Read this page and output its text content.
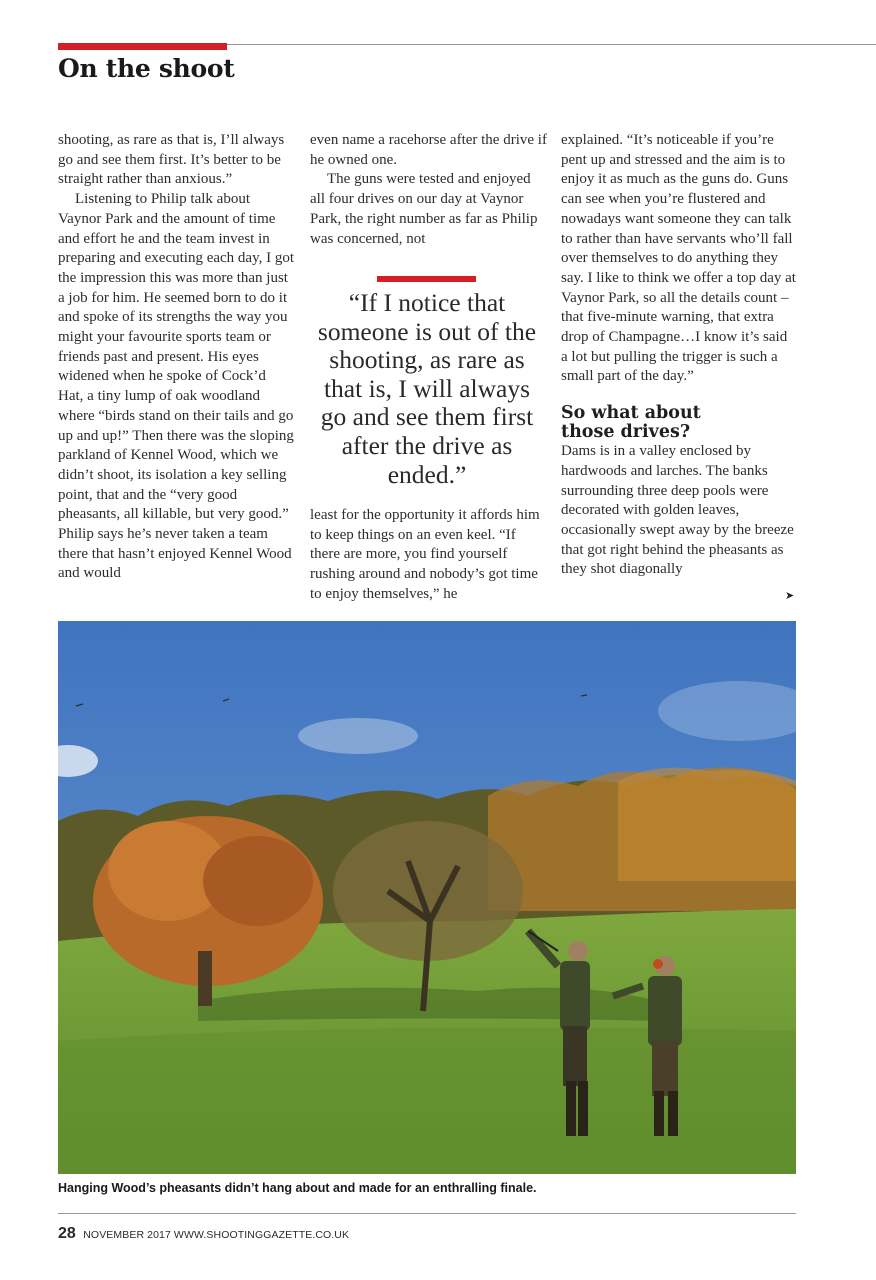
On the shoot

shooting, as rare as that is, I’ll always go and see them first. It’s better to be straight rather than anxious.”

Listening to Philip talk about Vaynor Park and the amount of time and effort he and the team invest in preparing and executing each day, I got the impression this was more than just a job for him. He seemed born to do it and spoke of its strengths the way you might your favourite sports team or friends past and present. His eyes widened when he spoke of Cock’d Hat, a tiny lump of oak woodland where “birds stand on their tails and go up and up!” Then there was the sloping parkland of Kennel Wood, which we didn’t shoot, its isolation a key selling point, that and the “very good pheasants, all killable, but very good.” Philip says he’s never taken a team there that hasn’t enjoyed Kennel Wood and would

even name a racehorse after the drive if he owned one.

The guns were tested and enjoyed all four drives on our day at Vaynor Park, the right number as far as Philip was concerned, not

“If I notice that someone is out of the shooting, as rare as that is, I will always go and see them first after the drive as ended.”

least for the opportunity it affords him to keep things on an even keel. “If there are more, you find yourself rushing around and nobody’s got time to enjoy themselves,” he

explained. “It’s noticeable if you’re pent up and stressed and the aim is to enjoy it as much as the guns do. Guns can see when you’re flustered and nowadays want someone they can talk to rather than have servants who’ll fall over themselves to do anything they say. I like to think we offer a top day at Vaynor Park, so all the details count – that five-minute warning, that extra drop of Champagne…I know it’s said a lot but pulling the trigger is such a small part of the day.”

So what about those drives?

Dams is in a valley enclosed by hardwoods and larches. The banks surrounding three deep pools were decorated with golden leaves, occasionally swept away by the breeze that got right behind the pheasants as they shot diagonally

➤

Hanging Wood’s pheasants didn’t hang about and made for an enthralling finale.

28 NOVEMBER 2017 WWW.SHOOTINGGAZETTE.CO.UK
